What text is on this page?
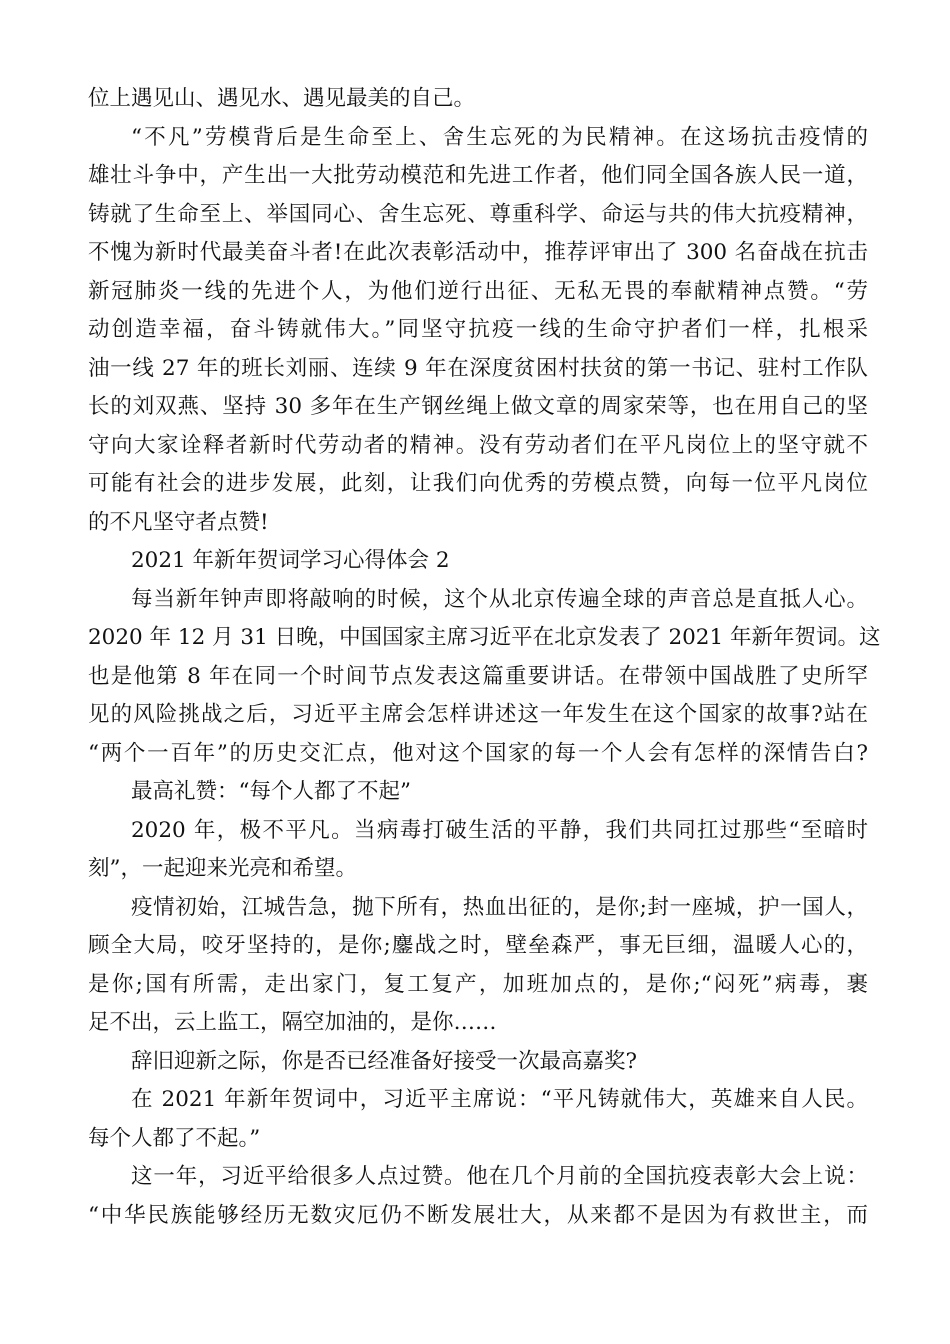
位上遇见山、遇见水、遇见最美的自己。
“不凡”劳模背后是生命至上、舍生忘死的为民精神。在这场抗击疫情的
雄壮斗争中，产生出一大批劳动模范和先进工作者，他们同全国各族人民一道，
铸就了生命至上、举国同心、舍生忘死、尊重科学、命运与共的伟大抗疫精神，
不愧为新时代最美奋斗者!在此次表彰活动中，推荐评审出了 300 名奋战在抗击
新冠肺炎一线的先进个人，为他们逆行出征、无私无畏的奉献精神点赞。“劳
动创造幸福，奋斗铸就伟大。”同坚守抗疫一线的生命守护者们一样，扎根采
油一线 27 年的班长刘丽、连续 9 年在深度贫困村扶贫的第一书记、驻村工作队
长的刘双燕、坚持 30 多年在生产钢丝绳上做文章的周家荣等，也在用自己的坚
守向大家诠释者新时代劳动者的精神。没有劳动者们在平凡岗位上的坚守就不
可能有社会的进步发展，此刻，让我们向优秀的劳模点赞，向每一位平凡岗位
的不凡坚守者点赞!
2021 年新年贺词学习心得体会 2
每当新年钟声即将敲响的时候，这个从北京传遍全球的声音总是直抵人心。
2020 年 12 月 31 日晚，中国国家主席习近平在北京发表了 2021 年新年贺词。这
也是他第 8 年在同一个时间节点发表这篇重要讲话。在带领中国战胜了史所罕
见的风险挑战之后，习近平主席会怎样讲述这一年发生在这个国家的故事?站在
“两个一百年”的历史交汇点，他对这个国家的每一个人会有怎样的深情告白?
最高礼赞：“每个人都了不起”
2020 年，极不平凡。当病毒打破生活的平静，我们共同扛过那些“至暗时
刻”，一起迎来光亮和希望。
疫情初始，江城告急，抛下所有，热血出征的，是你;封一座城，护一国人，
顾全大局，咬牙坚持的，是你;鏖战之时，壁垒森严，事无巨细，温暖人心的，
是你;国有所需，走出家门，复工复产，加班加点的，是你;“闷死”病毒，裹
足不出，云上监工，隔空加油的，是你……
辞旧迎新之际，你是否已经准备好接受一次最高嘉奖?
在 2021 年新年贺词中，习近平主席说：“平凡铸就伟大，英雄来自人民。
每个人都了不起。”
这一年，习近平给很多人点过赞。他在几个月前的全国抗疫表彰大会上说：
“中华民族能够经历无数灾厄仍不断发展壮大，从来都不是因为有救世主，而
